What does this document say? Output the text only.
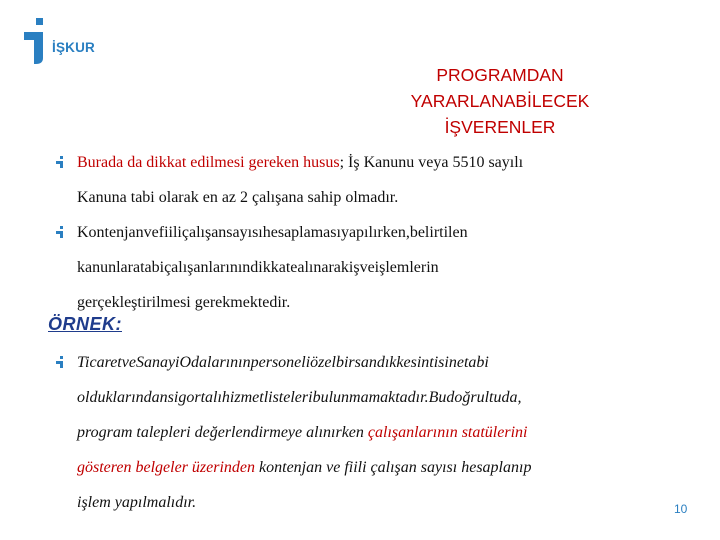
İŞKUR
PROGRAMDAN
YARARLANABİLECEK
İŞVERENLER
Burada da dikkat edilmesi gereken husus; İş Kanunu veya 5510 sayılı
Kanuna tabi olarak en az 2 çalışana sahip olmadır.
Kontenjanvefiiliçalışansayısıhesaplamasıyapılırken,belirtilen
kanunlaratabiçalışanlarınındikkatealınarakişveişlemlerin
gerçekleştirilmesi gerekmektedir.
ÖRNEK:
TicaretveSanayiOdalarınınpersoneliözelbirsandıkkesintisinetabi
olduklarındansigortalıhizmetlisteleribulunmamaktadır.Budoğrultuda,
program talepleri değerlendirmeye alınırken çalışanlarının statülerini
gösteren belgeler üzerinden kontenjan ve fiili çalışan sayısı hesaplanıp
işlem yapılmalıdır.	10
